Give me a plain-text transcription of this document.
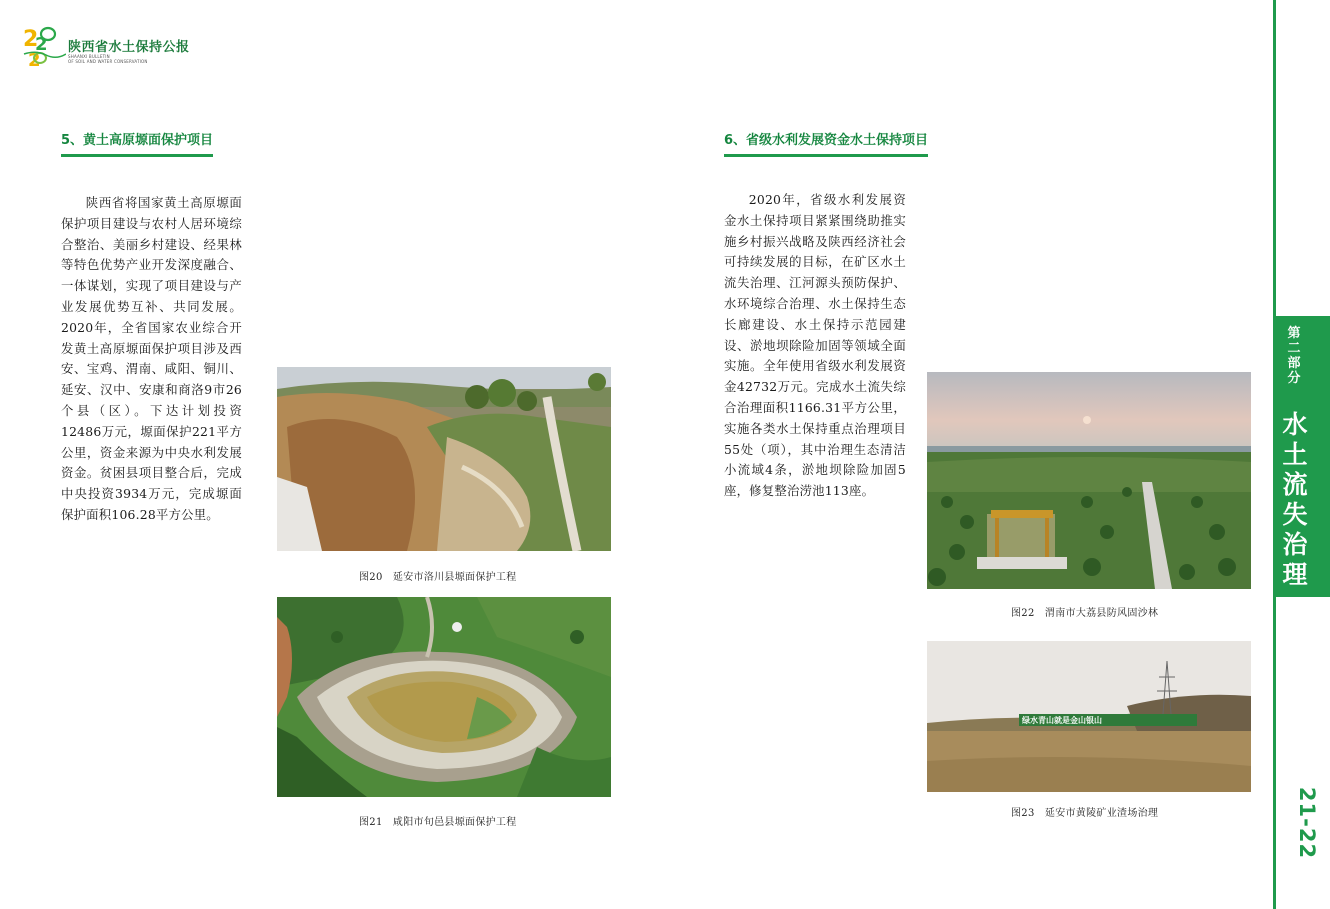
2
2
2
陕西省水土保持公报
SHAANXI BULLETIN
OF SOIL AND WATER CONSERVATION
5、黄土高原塬面保护项目
陕西省将国家黄土高原塬面保护项目建设与农村人居环境综合整治、美丽乡村建设、经果林等特色优势产业开发深度融合、一体谋划，实现了项目建设与产业发展优势互补、共同发展。2020年，全省国家农业综合开发黄土高原塬面保护项目涉及西安、宝鸡、渭南、咸阳、铜川、延安、汉中、安康和商洛9市26个县（区）。下达计划投资12486万元，塬面保护221平方公里，资金来源为中央水利发展资金。贫困县项目整合后，完成中央投资3934万元，完成塬面保护面积106.28平方公里。
图20　延安市洛川县塬面保护工程
图21　咸阳市旬邑县塬面保护工程
6、省级水利发展资金水土保持项目
2020年，省级水利发展资金水土保持项目紧紧围绕助推实施乡村振兴战略及陕西经济社会可持续发展的目标，在矿区水土流失治理、江河源头预防保护、水环境综合治理、水土保持生态长廊建设、水土保持示范园建设、淤地坝除险加固等领域全面实施。全年使用省级水利发展资金42732万元。完成水土流失综合治理面积1166.31平方公里，实施各类水土保持重点治理项目55处（项），其中治理生态清洁小流域4条，淤地坝除险加固5座，修复整治涝池113座。
图22　渭南市大荔县防风固沙林
绿水青山就是金山银山
图23　延安市黄陵矿业渣场治理
第二部分
水土流失治理
21-22
